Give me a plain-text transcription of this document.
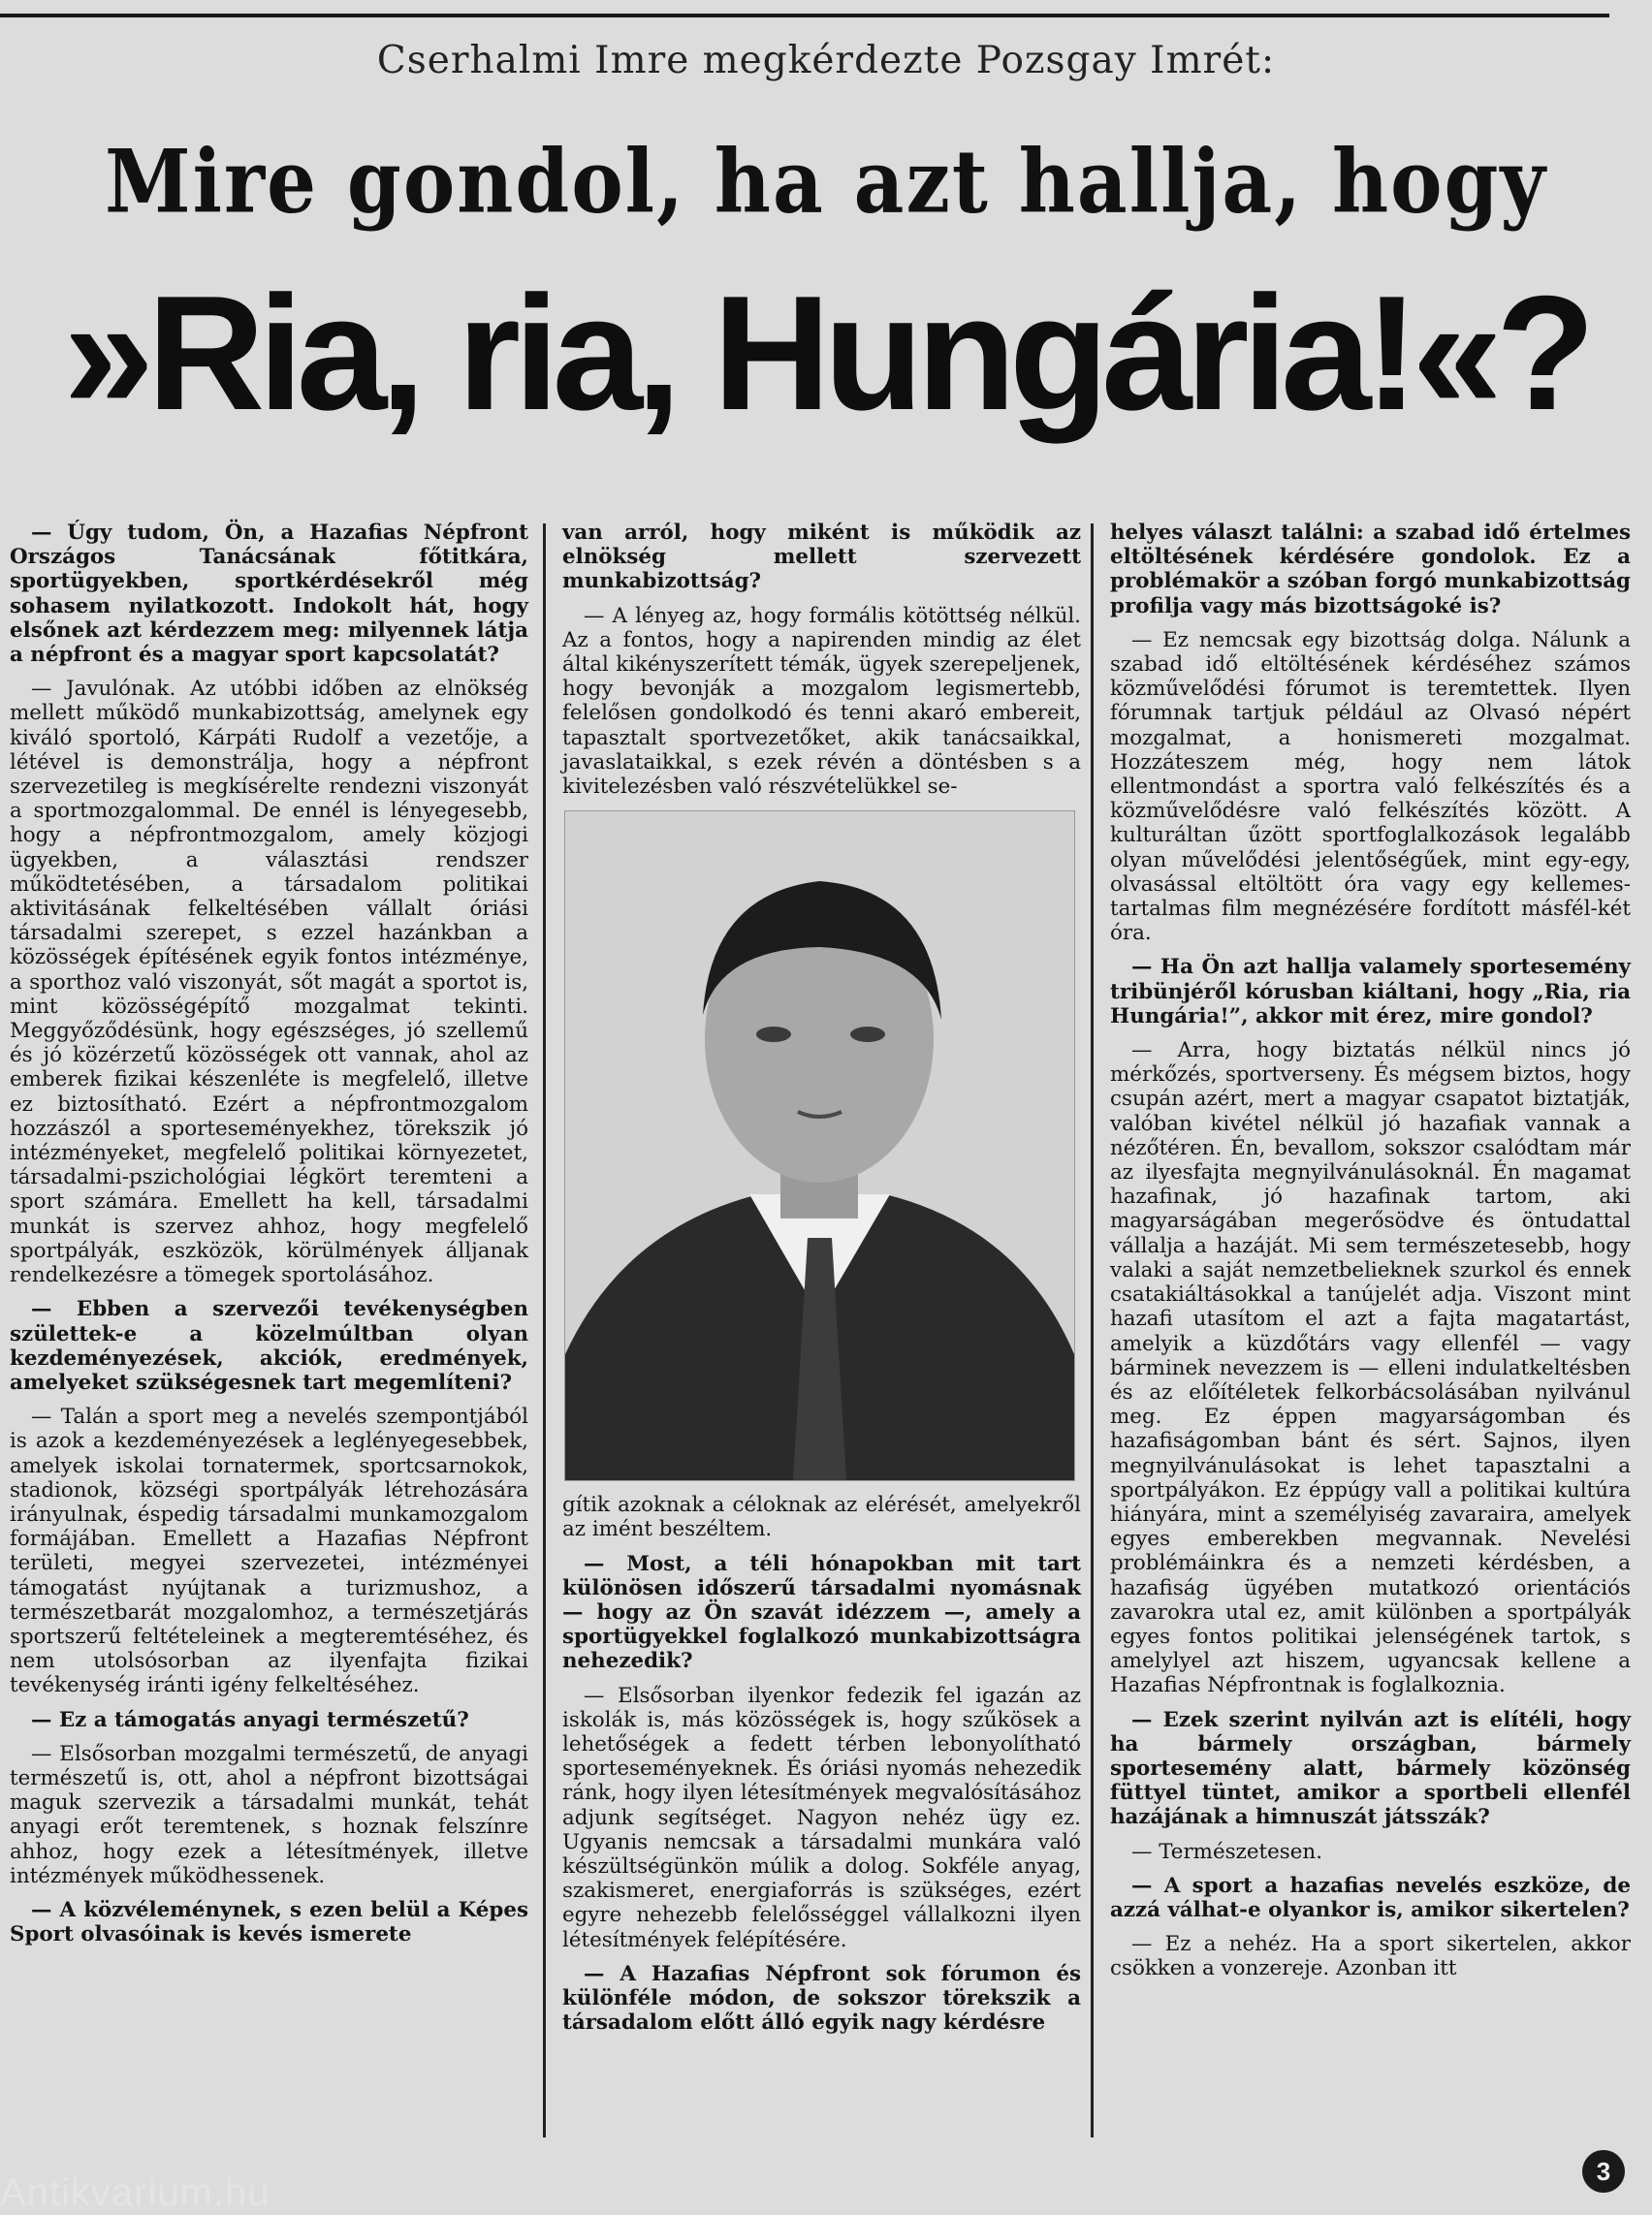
Cserhalmi Imre megkérdezte Pozsgay Imrét:
Mire gondol, ha azt hallja, hogy
»Ria, ria, Hungária!«?

— Úgy tudom, Ön, a Hazafias Népfront Országos Tanácsának főtitkára, sportügyekben, sportkérdésekről még sohasem nyilatkozott. Indokolt hát, hogy elsőnek azt kérdezzem meg: milyennek látja a népfront és a magyar sport kapcsolatát?

— Javulónak. Az utóbbi időben az elnökség mellett működő munkabizottság, amelynek egy kiváló sportoló, Kárpáti Rudolf a vezetője, a létével is demonstrálja, hogy a népfront szervezetileg is megkísérelte rendezni viszonyát a sportmozgalommal. De ennél is lényegesebb, hogy a népfrontmozgalom, amely közjogi ügyekben, a választási rendszer működtetésében, a társadalom politikai aktivitásának felkeltésében vállalt óriási társadalmi szerepet, s ezzel hazánkban a közösségek építésének egyik fontos intézménye, a sporthoz való viszonyát, sőt magát a sportot is, mint közösségépítő mozgalmat tekinti. Meggyőződésünk, hogy egészséges, jó szellemű és jó közérzetű közösségek ott vannak, ahol az emberek fizikai készenléte is megfelelő, illetve ez biztosítható. Ezért a népfrontmozgalom hozzászól a sporteseményekhez, törekszik jó intézményeket, megfelelő politikai környezetet, társadalmi-pszichológiai légkört teremteni a sport számára. Emellett ha kell, társadalmi munkát is szervez ahhoz, hogy megfelelő sportpályák, eszközök, körülmények álljanak rendelkezésre a tömegek sportolásához.

— Ebben a szervezői tevékenységben születtek-e a közelmúltban olyan kezdeményezések, akciók, eredmények, amelyeket szükségesnek tart megemlíteni?

— Talán a sport meg a nevelés szempontjából is azok a kezdeményezések a leglényegesebbek, amelyek iskolai tornatermek, sportcsarnokok, stadionok, községi sportpályák létrehozására irányulnak, éspedig társadalmi munkamozgalom formájában. Emellett a Hazafias Népfront területi, megyei szervezetei, intézményei támogatást nyújtanak a turizmushoz, a természetbarát mozgalomhoz, a természetjárás sportszerű feltételeinek a megteremtéséhez, és nem utolsósorban az ilyenfajta fizikai tevékenység iránti igény felkeltéséhez.

— Ez a támogatás anyagi természetű?

— Elsősorban mozgalmi természetű, de anyagi természetű is, ott, ahol a népfront bizottságai maguk szervezik a társadalmi munkát, tehát anyagi erőt teremtenek, s hoznak felszínre ahhoz, hogy ezek a létesítmények, illetve intézmények működhessenek.

— A közvéleménynek, s ezen belül a Képes Sport olvasóinak is kevés ismerete

van arról, hogy miként is működik az elnökség mellett szervezett munkabizottság?

— A lényeg az, hogy formális kötöttség nélkül. Az a fontos, hogy a napirenden mindig az élet által kikényszerített témák, ügyek szerepeljenek, hogy bevonják a mozgalom legismertebb, felelősen gondolkodó és tenni akaró embereit, tapasztalt sportvezetőket, akik tanácsaikkal, javaslataikkal, s ezek révén a döntésben s a kivitelezésben való részvételükkel se-

gítik azoknak a céloknak az elérését, amelyekről az imént beszéltem.

— Most, a téli hónapokban mit tart különösen időszerű társadalmi nyomásnak — hogy az Ön szavát idézzem —, amely a sportügyekkel foglalkozó munkabizottságra nehezedik?

— Elsősorban ilyenkor fedezik fel igazán az iskolák is, más közösségek is, hogy szűkösek a lehetőségek a fedett térben lebonyolítható sporteseményeknek. És óriási nyomás nehezedik ránk, hogy ilyen létesítmények megvalósításához adjunk segítséget. Nagyon nehéz ügy ez. Ugyanis nemcsak a társadalmi munkára való készültségünkön múlik a dolog. Sokféle anyag, szakismeret, energiaforrás is szükséges, ezért egyre nehezebb felelősséggel vállalkozni ilyen létesítmények felépítésére.

— A Hazafias Népfront sok fórumon és különféle módon, de sokszor törekszik a társadalom előtt álló egyik nagy kérdésre

helyes választ találni: a szabad idő értelmes eltöltésének kérdésére gondolok. Ez a problémakör a szóban forgó munkabizottság profilja vagy más bizottságoké is?

— Ez nemcsak egy bizottság dolga. Nálunk a szabad idő eltöltésének kérdéséhez számos közművelődési fórumot is teremtettek. Ilyen fórumnak tartjuk például az Olvasó népért mozgalmat, a honismereti mozgalmat. Hozzáteszem még, hogy nem látok ellentmondást a sportra való felkészítés és a közművelődésre való felkészítés között. A kulturáltan űzött sportfoglalkozások legalább olyan művelődési jelentőségűek, mint egy-egy, olvasással eltöltött óra vagy egy kellemes-tartalmas film megnézésére fordított másfél-két óra.

— Ha Ön azt hallja valamely sportesemény tribünjéről kórusban kiáltani, hogy „Ria, ria Hungária!”, akkor mit érez, mire gondol?

— Arra, hogy biztatás nélkül nincs jó mérkőzés, sportverseny. És mégsem biztos, hogy csupán azért, mert a magyar csapatot biztatják, valóban kivétel nélkül jó hazafiak vannak a nézőtéren. Én, bevallom, sokszor csalódtam már az ilyesfajta megnyilvánulásoknál. Én magamat hazafinak, jó hazafinak tartom, aki magyarságában megerősödve és öntudattal vállalja a hazáját. Mi sem természetesebb, hogy valaki a saját nemzetbelieknek szurkol és ennek csatakiáltásokkal a tanújelét adja. Viszont mint hazafi utasítom el azt a fajta magatartást, amelyik a küzdőtárs vagy ellenfél — vagy bárminek nevezzem is — elleni indulatkeltésben és az előítéletek felkorbácsolásában nyilvánul meg. Ez éppen magyarságomban és hazafiságomban bánt és sért. Sajnos, ilyen megnyilvánulásokat is lehet tapasztalni a sportpályákon. Ez éppúgy vall a politikai kultúra hiányára, mint a személyiség zavaraira, amelyek egyes emberekben megvannak. Nevelési problémáinkra és a nemzeti kérdésben, a hazafiság ügyében mutatkozó orientációs zavarokra utal ez, amit különben a sportpályák egyes fontos politikai jelenségének tartok, s amelylyel azt hiszem, ugyancsak kellene a Hazafias Népfrontnak is foglalkoznia.

— Ezek szerint nyilván azt is elítéli, hogy ha bármely országban, bármely sportesemény alatt, bármely közönség füttyel tüntet, amikor a sportbeli ellenfél hazájának a himnuszát játsszák?

— Természetesen.

— A sport a hazafias nevelés eszköze, de azzá válhat-e olyankor is, amikor sikertelen?

— Ez a nehéz. Ha a sport sikertelen, akkor csökken a vonzereje. Azonban itt

Antikvarium.hu	3
